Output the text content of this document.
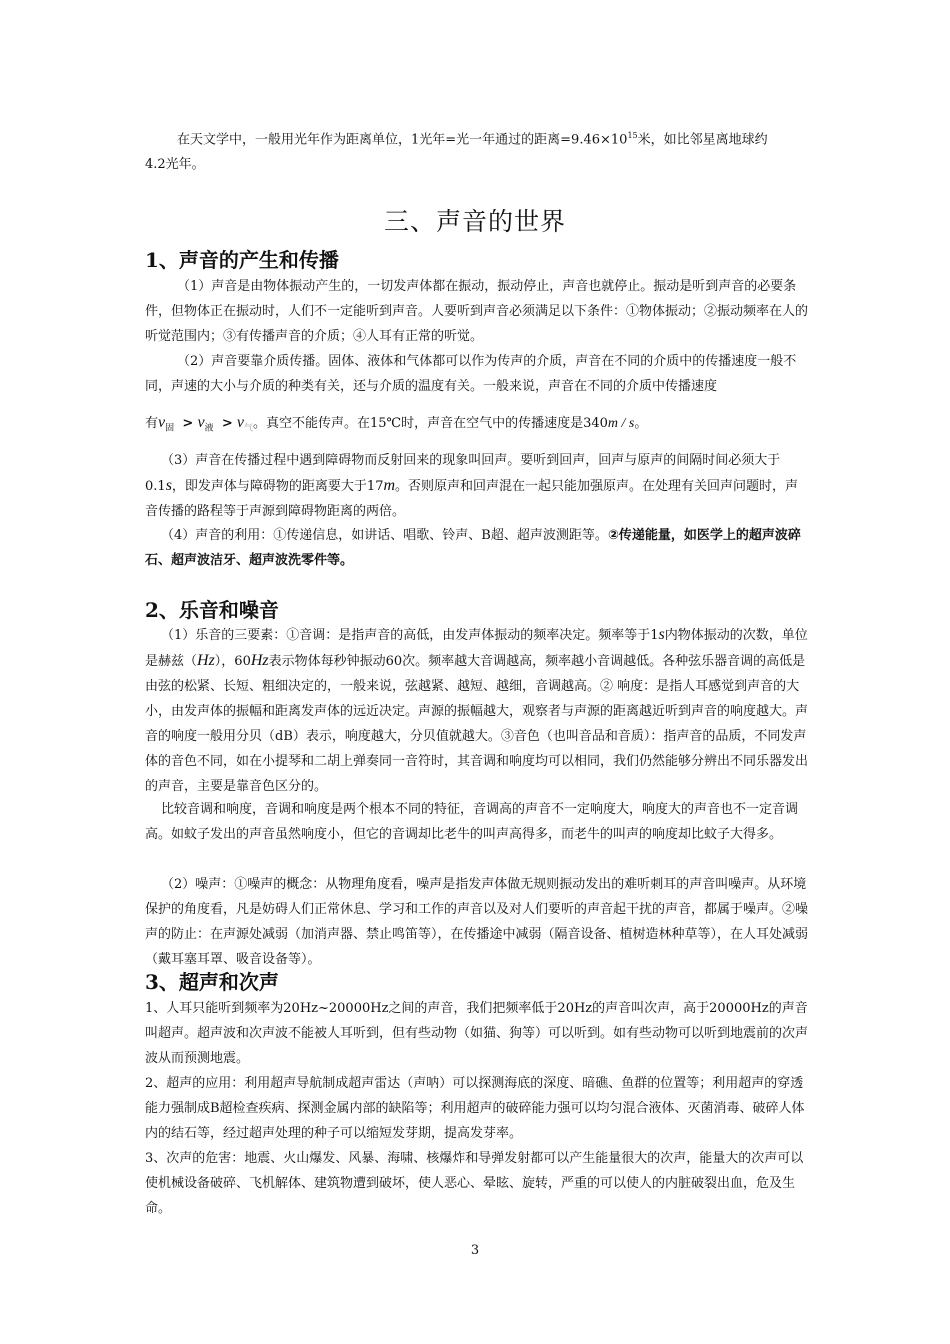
在天文学中，一般用光年作为距离单位，1光年=光一年通过的距离$=9.46\times 10^{15}$米，如比邻星离地球约
4.2光年。

三、声音的世界
1、声音的产生和传播

（1）声音是由物体振动产生的，一切发声体都在振动，振动停止，声音也就停止。振动是听到声音的必要条件，但物体正在振动时，人们不一定能听到声音。人要听到声音必须满足以下条件：①物体振动；②振动频率在人的听觉范围内；③有传播声音的介质；④人耳有正常的听觉。

（2）声音要靠介质传播。固体、液体和气体都可以作为传声的介质，声音在不同的介质中的传播速度一般不同，声速的大小与介质的种类有关，还与介质的温度有关。一般来说，声音在不同的介质中传播速度

有$v_固 > v_液 > v_气$。真空不能传声。在15℃时，声音在空气中的传播速度是340m / s。

（3）声音在传播过程中遇到障碍物而反射回来的现象叫回声。要听到回声，回声与原声的间隔时间必须大于0.1s，即发声体与障碍物的距离要大于17m。否则原声和回声混在一起只能加强原声。在处理有关回声问题时，声音传播的路程等于声源到障碍物距离的两倍。

（4）声音的利用：①传递信息，如讲话、唱歌、铃声、B超、超声波测距等。②传递能量，如医学上的超声波碎石、超声波洁牙、超声波洗零件等。

2、乐音和噪音

（1）乐音的三要素：①音调：是指声音的高低，由发声体振动的频率决定。频率等于1s内物体振动的次数，单位是赫兹（Hz），60Hz表示物体每秒钟振动60次。频率越大音调越高，频率越小音调越低。各种弦乐器音调的高低是由弦的松紧、长短、粗细决定的，一般来说，弦越紧、越短、越细，音调越高。② 响度：是指人耳感觉到声音的大小，由发声体的振幅和距离发声体的远近决定。声源的振幅越大，观察者与声源的距离越近听到声音的响度越大。声音的响度一般用分贝（dB）表示，响度越大，分贝值就越大。③音色（也叫音品和音质）：指声音的品质，不同发声体的音色不同，如在小提琴和二胡上弹奏同一音符时，其音调和响度均可以相同，我们仍然能够分辨出不同乐器发出的声音，主要是靠音色区分的。

比较音调和响度，音调和响度是两个根本不同的特征，音调高的声音不一定响度大，响度大的声音也不一定音调高。如蚊子发出的声音虽然响度小，但它的音调却比老牛的叫声高得多，而老牛的叫声的响度却比蚊子大得多。

（2）噪声：①噪声的概念：从物理角度看，噪声是指发声体做无规则振动发出的难听刺耳的声音叫噪声。从环境保护的角度看，凡是妨碍人们正常休息、学习和工作的声音以及对人们要听的声音起干扰的声音，都属于噪声。②噪声的防止：在声源处减弱（加消声器、禁止鸣笛等），在传播途中减弱（隔音设备、植树造林种草等），在人耳处减弱（戴耳塞耳罩、吸音设备等）。

3、超声和次声

1、人耳只能听到频率为20Hz~20000Hz之间的声音，我们把频率低于20Hz的声音叫次声，高于20000Hz的声音叫超声。超声波和次声波不能被人耳听到，但有些动物（如猫、狗等）可以听到。如有些动物可以听到地震前的次声波从而预测地震。

2、超声的应用：利用超声导航制成超声雷达（声呐）可以探测海底的深度、暗礁、鱼群的位置等；利用超声的穿透能力强制成B超检查疾病、探测金属内部的缺陷等；利用超声的破碎能力强可以均匀混合液体、灭菌消毒、破碎人体内的结石等，经过超声处理的种子可以缩短发芽期，提高发芽率。

3、次声的危害：地震、火山爆发、风暴、海啸、核爆炸和导弹发射都可以产生能量很大的次声，能量大的次声可以使机械设备破碎、飞机解体、建筑物遭到破坏，使人恶心、晕眩、旋转，严重的可以使人的内脏破裂出血，危及生命。

3
